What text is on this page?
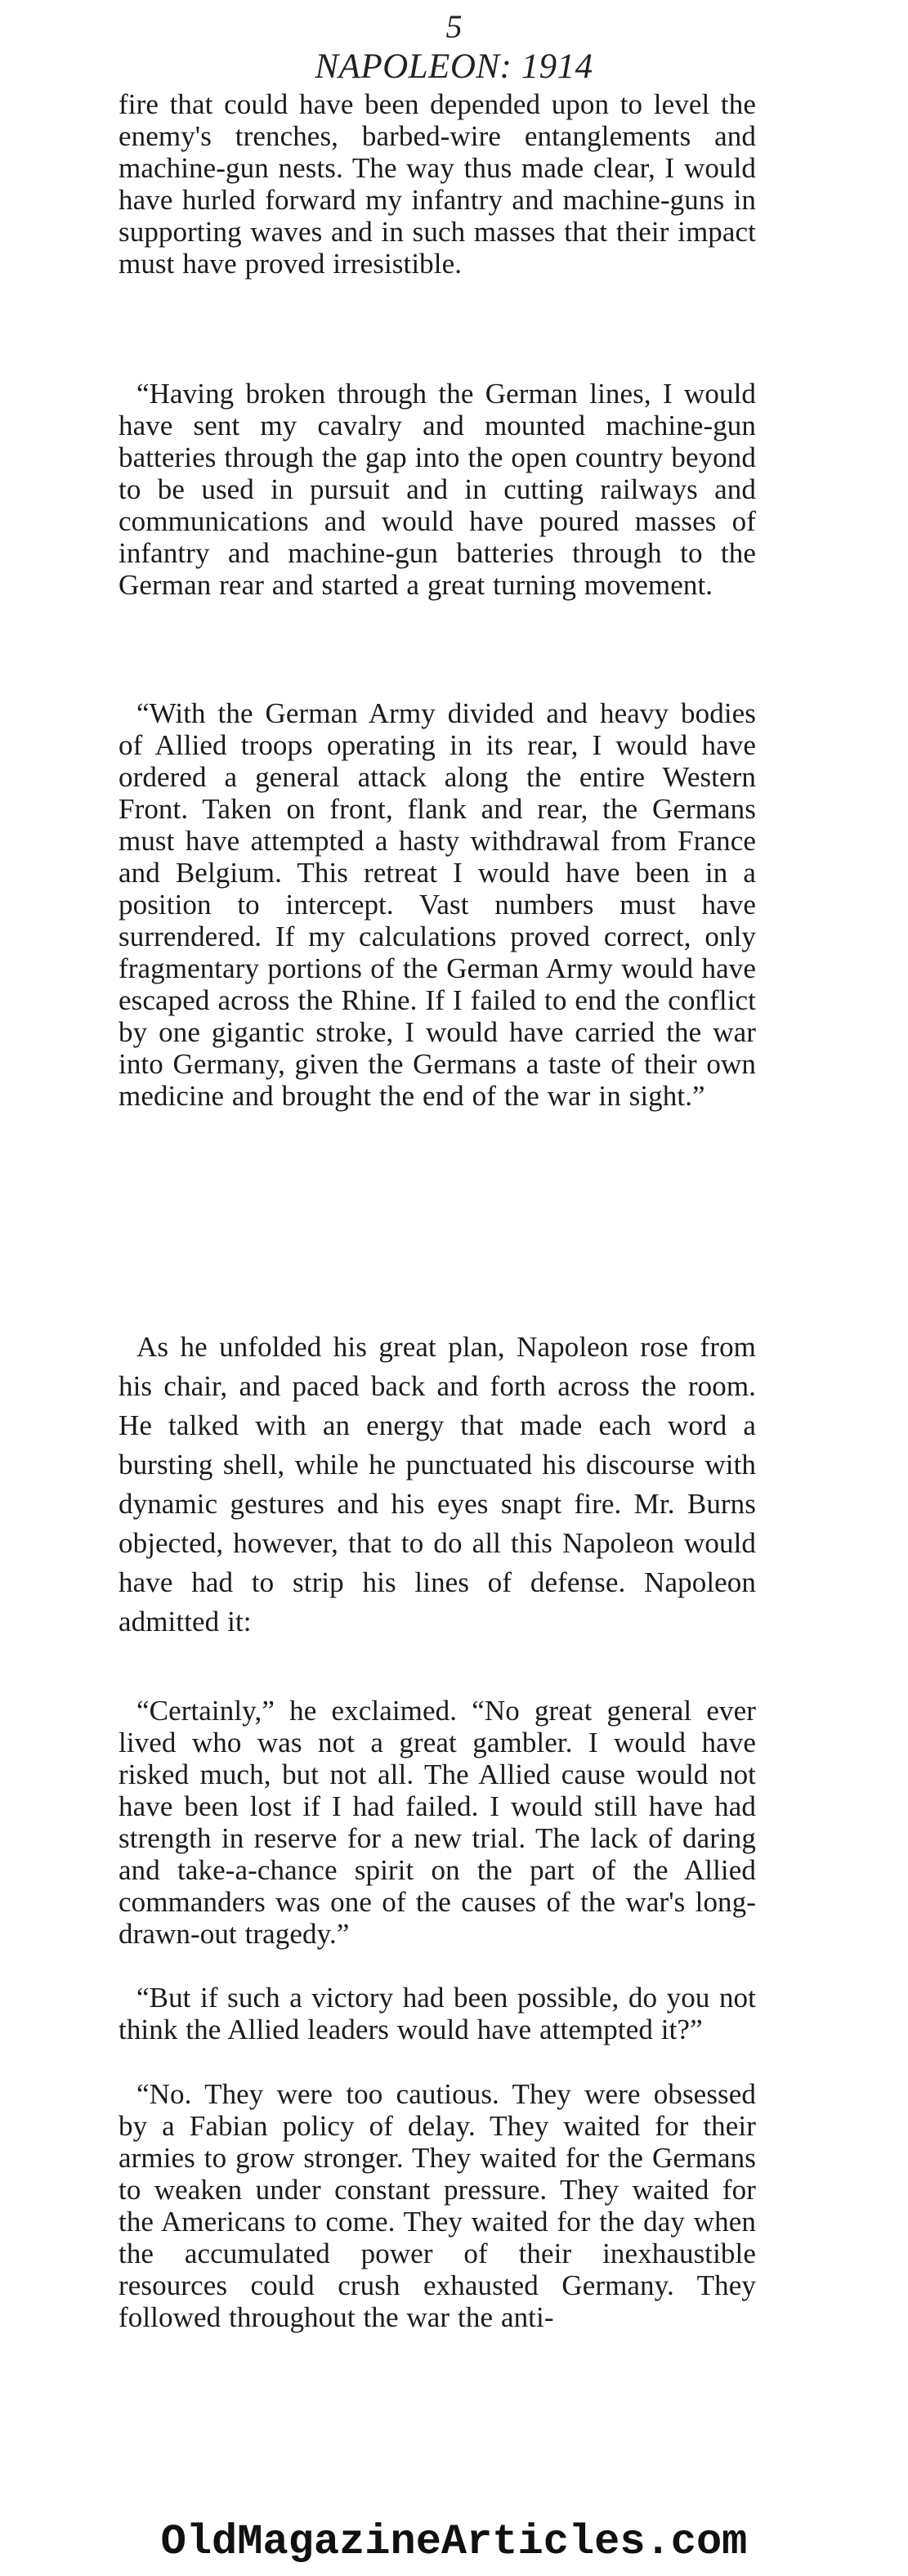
5
NAPOLEON: 1914

fire that could have been depended upon to level the enemy's trenches, barbed-wire entanglements and machine-gun nests. The way thus made clear, I would have hurled forward my infantry and machine-guns in supporting waves and in such masses that their impact must have proved irresistible.

“Having broken through the German lines, I would have sent my cavalry and mounted machine-gun batteries through the gap into the open country beyond to be used in pursuit and in cutting railways and communications and would have poured masses of infantry and machine-gun batteries through to the German rear and started a great turning movement.

“With the German Army divided and heavy bodies of Allied troops operating in its rear, I would have ordered a general attack along the entire Western Front. Taken on front, flank and rear, the Germans must have attempted a hasty withdrawal from France and Belgium. This retreat I would have been in a position to intercept. Vast numbers must have surrendered. If my calculations proved correct, only fragmentary portions of the German Army would have escaped across the Rhine. If I failed to end the conflict by one gigantic stroke, I would have carried the war into Germany, given the Germans a taste of their own medicine and brought the end of the war in sight.”

As he unfolded his great plan, Napoleon rose from his chair, and paced back and forth across the room. He talked with an energy that made each word a bursting shell, while he punctuated his discourse with dynamic gestures and his eyes snapt fire. Mr. Burns objected, however, that to do all this Napoleon would have had to strip his lines of defense. Napoleon admitted it:

“Certainly,” he exclaimed. “No great general ever lived who was not a great gambler. I would have risked much, but not all. The Allied cause would not have been lost if I had failed. I would still have had strength in reserve for a new trial. The lack of daring and take-a-chance spirit on the part of the Allied commanders was one of the causes of the war's long-drawn-out tragedy.”

“But if such a victory had been possible, do you not think the Allied leaders would have attempted it?”

“No. They were too cautious. They were obsessed by a Fabian policy of delay. They waited for their armies to grow stronger. They waited for the Germans to weaken under constant pressure. They waited for the Americans to come. They waited for the day when the accumulated power of their inexhaustible resources could crush exhausted Germany. They followed throughout the war the anti-

OldMagazineArticles.com
